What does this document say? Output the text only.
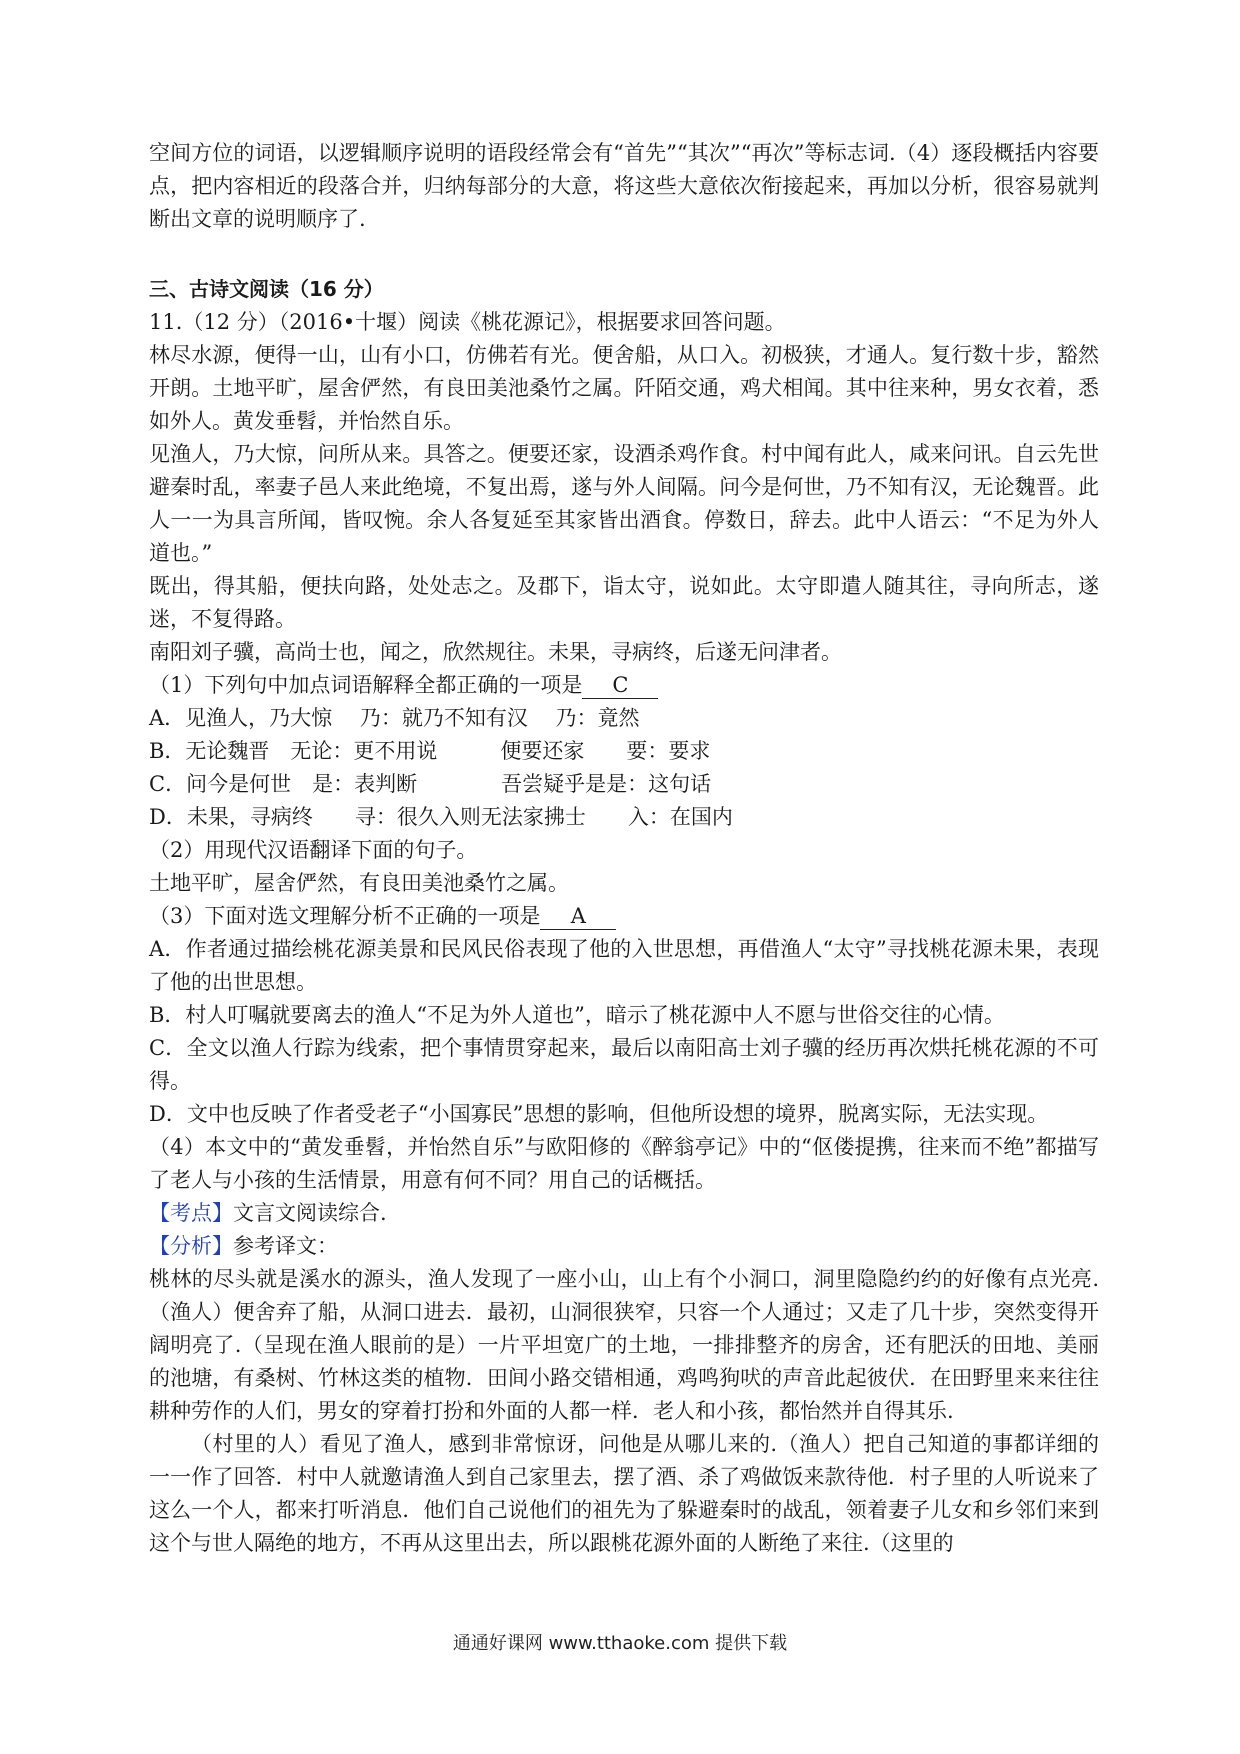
空间方位的词语，以逻辑顺序说明的语段经常会有“首先”“其次”“再次”等标志词.（4）逐段概括内容要点，把内容相近的段落合并，归纳每部分的大意，将这些大意依次衔接起来，再加以分析，很容易就判断出文章的说明顺序了.

三、古诗文阅读（16 分）

11.（12 分）（2016•十堰）阅读《桃花源记》，根据要求回答问题。

林尽水源，便得一山，山有小口，仿佛若有光。便舍船，从口入。初极狭，才通人。复行数十步，豁然开朗。土地平旷，屋舍俨然，有良田美池桑竹之属。阡陌交通，鸡犬相闻。其中往来种，男女衣着，悉如外人。黄发垂髫，并怡然自乐。

见渔人，乃大惊，问所从来。具答之。便要还家，设酒杀鸡作食。村中闻有此人，咸来问讯。自云先世避秦时乱，率妻子邑人来此绝境，不复出焉，遂与外人间隔。问今是何世，乃不知有汉，无论魏晋。此人一一为具言所闻，皆叹惋。余人各复延至其家皆出酒食。停数日，辞去。此中人语云：“不足为外人道也。”

既出，得其船，便扶向路，处处志之。及郡下，诣太守，说如此。太守即遣人随其往，寻向所志，遂迷，不复得路。

南阳刘子骥，高尚士也，闻之，欣然规往。未果，寻病终，后遂无问津者。

（1）下列句中加点词语解释全都正确的一项是 C

A．见渔人，乃大惊　 乃：就乃不知有汉　 乃：竟然

B．无论魏晋　无论：更不用说　　　便要还家　　要：要求

C．问今是何世　是：表判断　　　　吾尝疑乎是是：这句话

D．未果，寻病终　　寻：很久入则无法家拂士　　入：在国内

（2）用现代汉语翻译下面的句子。

土地平旷，屋舍俨然，有良田美池桑竹之属。

（3）下面对选文理解分析不正确的一项是 A

A．作者通过描绘桃花源美景和民风民俗表现了他的入世思想，再借渔人“太守”寻找桃花源未果，表现了他的出世思想。

B．村人叮嘱就要离去的渔人“不足为外人道也”，暗示了桃花源中人不愿与世俗交往的心情。

C．全文以渔人行踪为线索，把个事情贯穿起来，最后以南阳高士刘子骥的经历再次烘托桃花源的不可得。

D．文中也反映了作者受老子“小国寡民”思想的影响，但他所设想的境界，脱离实际，无法实现。

（4）本文中的“黄发垂髫，并怡然自乐”与欧阳修的《醉翁亭记》中的“伛偻提携，往来而不绝”都描写了老人与小孩的生活情景，用意有何不同？用自己的话概括。

【考点】文言文阅读综合.

【分析】参考译文：

桃林的尽头就是溪水的源头，渔人发现了一座小山，山上有个小洞口，洞里隐隐约约的好像有点光亮.（渔人）便舍弃了船，从洞口进去．最初，山洞很狭窄，只容一个人通过；又走了几十步，突然变得开阔明亮了.（呈现在渔人眼前的是）一片平坦宽广的土地，一排排整齐的房舍，还有肥沃的田地、美丽的池塘，有桑树、竹林这类的植物．田间小路交错相通，鸡鸣狗吠的声音此起彼伏．在田野里来来往往耕种劳作的人们，男女的穿着打扮和外面的人都一样．老人和小孩，都怡然并自得其乐.

（村里的人）看见了渔人，感到非常惊讶，问他是从哪儿来的.（渔人）把自己知道的事都详细的一一作了回答．村中人就邀请渔人到自己家里去，摆了酒、杀了鸡做饭来款待他．村子里的人听说来了这么一个人，都来打听消息．他们自己说他们的祖先为了躲避秦时的战乱，领着妻子儿女和乡邻们来到这个与世人隔绝的地方，不再从这里出去，所以跟桃花源外面的人断绝了来往.（这里的

通通好课网 www.tthaoke.com 提供下载
